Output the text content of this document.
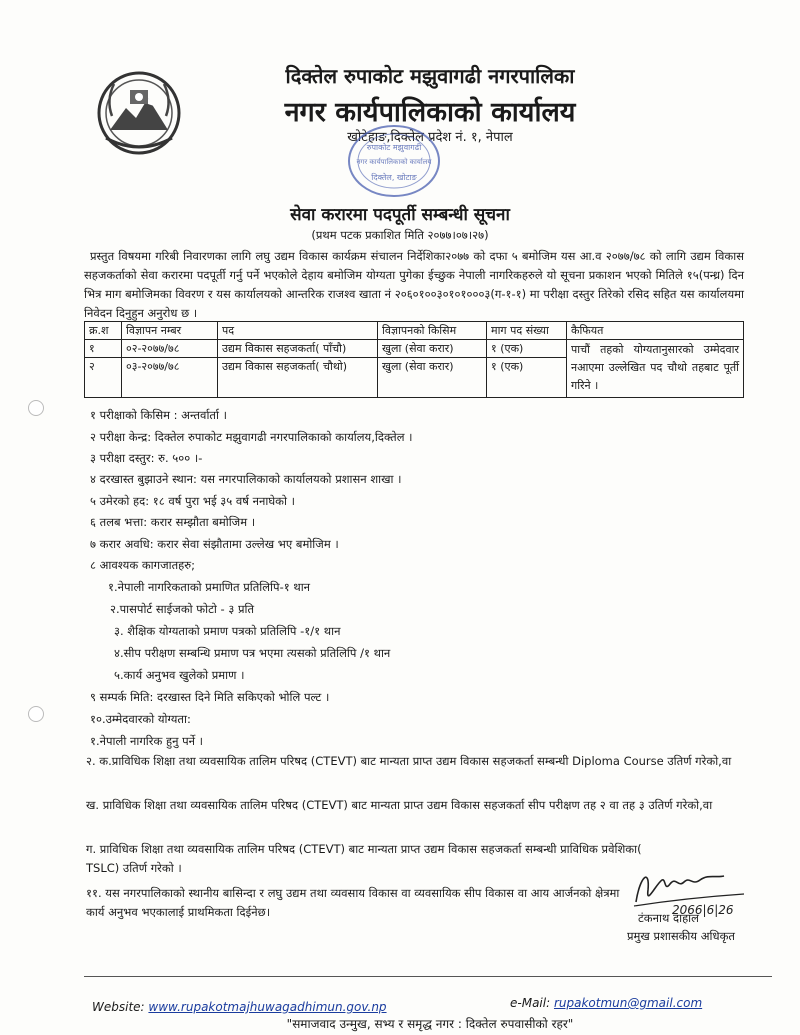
दिक्तेल रुपाकोट मझुवागढी नगरपालिका
नगर कार्यपालिकाको कार्यालय
खोटेहाङ,दिक्तेल प्रदेश नं. १, नेपाल
रुपाकोट मझुवागढी
नगर कार्यपालिकाको कार्यालय
दिक्तेल, खोटाङ
सेवा करारमा पदपूर्ती सम्बन्धी सूचना
(प्रथम पटक प्रकाशित मिति २०७७।०७।२७)

प्रस्तुत विषयमा गरिबी निवारणका लागि लघु उद्यम विकास कार्यक्रम संचालन निर्देशिका२०७७ को दफा ५ बमोजिम यस आ.व २०७७/७८ को लागि उद्यम विकास सहजकर्ताको सेवा करारमा पदपूर्ती गर्नु पर्ने भएकोले देहाय बमोजिम योग्यता पुगेका ईच्छुक नेपाली नागरिकहरुले यो सूचना प्रकाशन भएको मितिले १५(पन्ध्र) दिन भित्र माग बमोजिमका विवरण र यस कार्यालयको आन्तरिक राजश्व खाता नं २०६०१००३०१०१०००३(ग-१-१) मा परीक्षा दस्तुर तिरेको रसिद सहित यस कार्यालयमा निवेदन दिनुहुन अनुरोध छ ।

क्र.श	विज्ञापन नम्बर	पद	विज्ञापनको किसिम	माग पद संख्या	कैफियत
१	०२-२०७७/७८	उद्यम विकास सहजकर्ता( पाँचौ)	खुला (सेवा करार)	१ (एक)	पाचौं तहको योग्यतानुसारको उम्मेदवार नआएमा उल्लेखित पद चौथो तहबाट पूर्ती गरिने ।
२	०३-२०७७/७८	उद्यम विकास सहजकर्ता( चौथो)	खुला (सेवा करार)	१ (एक)	
१ परीक्षाको किसिम : अन्तर्वार्ता ।
२ परीक्षा केन्द्र: दिक्तेल रुपाकोट मझुवागढी नगरपालिकाको कार्यालय,दिक्तेल ।
३ परीक्षा दस्तुर: रु. ५०० ।-
४ दरखास्त बुझाउने स्थान: यस नगरपालिकाको कार्यालयको प्रशासन शाखा ।
५ उमेरको हद: १८ वर्ष पुरा भई ३५ वर्ष ननाघेको ।
६ तलब भत्ता: करार सम्झौता बमोजिम ।
७ करार अवधि: करार सेवा संझौतामा उल्लेख भए बमोजिम ।
८ आवश्यक कागजातहरु;
१.नेपाली नागरिकताको प्रमाणित प्रतिलिपि-१ थान
२.पासपोर्ट साईजको फोटो - ३ प्रति
३. शैक्षिक योग्यताको प्रमाण पत्रको प्रतिलिपि -१/१ थान
४.सीप परीक्षण सम्बन्धि प्रमाण पत्र भएमा त्यसको प्रतिलिपि /१ थान
५.कार्य अनुभव खुलेको प्रमाण ।
९ सम्पर्क मिति: दरखास्त दिने मिति सकिएको भोलि पल्ट ।
१०.उम्मेदवारको योग्यता:
१.नेपाली नागरिक हुनु पर्ने ।
२. क.प्राविधिक शिक्षा तथा व्यवसायिक तालिम परिषद (CTEVT) बाट मान्यता प्राप्त उद्यम विकास सहजकर्ता सम्बन्धी Diploma Course उतिर्ण गरेको,वा
ख. प्राविधिक शिक्षा तथा व्यवसायिक तालिम परिषद (CTEVT) बाट मान्यता प्राप्त उद्यम विकास सहजकर्ता सीप परीक्षण तह २ वा तह ३ उतिर्ण गरेको,वा
ग. प्राविधिक शिक्षा तथा व्यवसायिक तालिम परिषद (CTEVT) बाट मान्यता प्राप्त उद्यम विकास सहजकर्ता सम्बन्धी प्राविधिक प्रवेशिका( TSLC) उतिर्ण गरेको ।
११. यस नगरपालिकाको स्थानीय बासिन्दा र लघु उद्यम तथा व्यवसाय विकास वा व्यवसायिक सीप विकास वा आय आर्जनको क्षेत्रमा कार्य अनुभव भएकालाई प्राथमिकता दिईनेछ।	2066|6|26
टंकनाथ दाहाल
प्रमुख प्रशासकीय अधिकृत
Website: www.rupakotmajhuwagadhimun.gov.np	e-Mail: rupakotmun@gmail.com
"समाजवाद उन्मुख, सभ्य र समृद्ध नगर : दिक्तेल रुपवासीको रहर"
